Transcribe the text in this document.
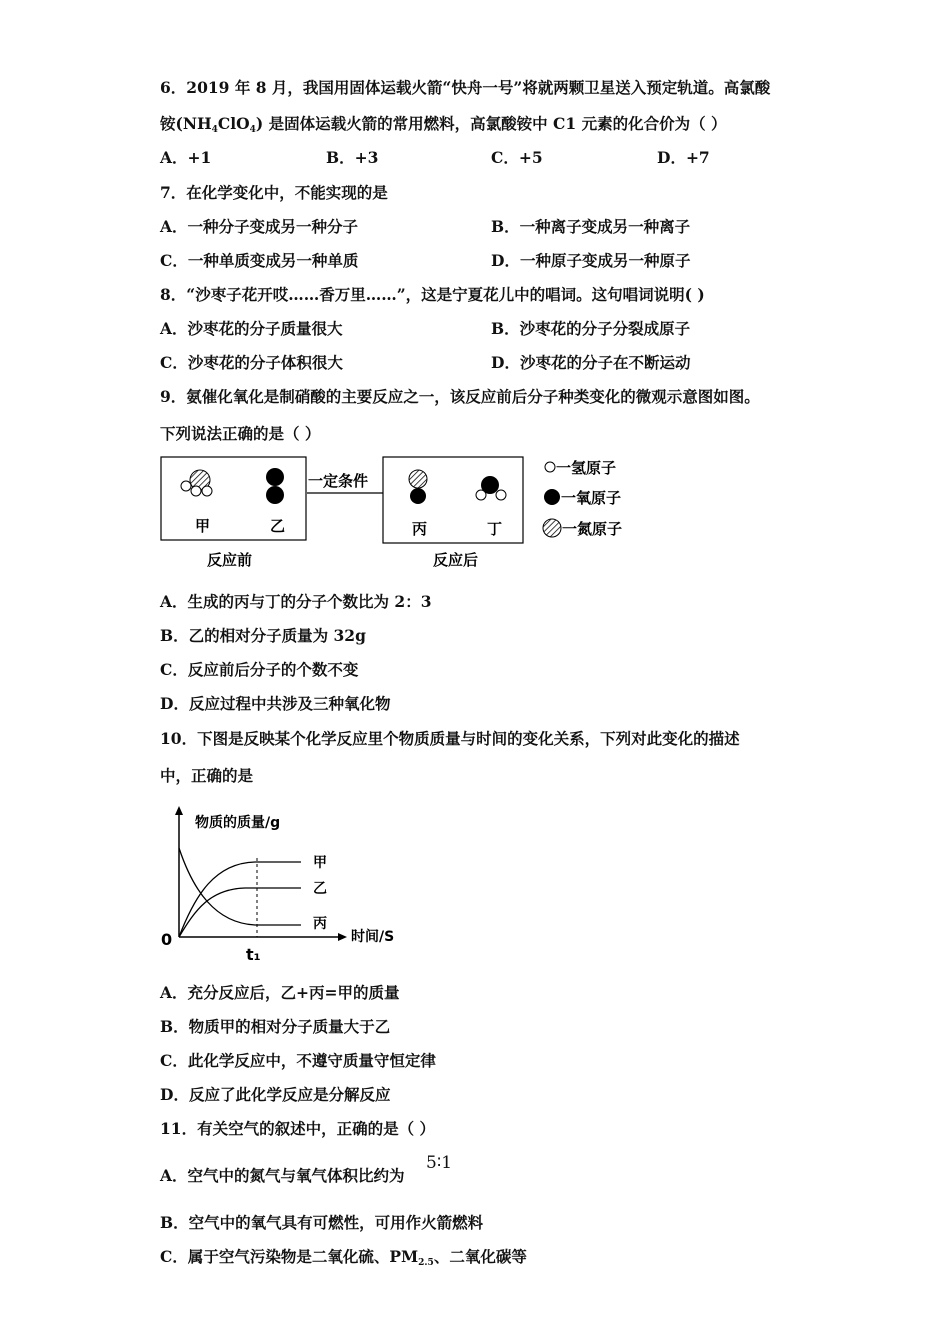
6．2019 年 8 月，我国用固体运载火箭“快舟一号”将就两颗卫星送入预定轨道。高氯酸
铵$(NH_4ClO_4)$ 是固体运载火箭的常用燃料，高氯酸铵中 C1 元素的化合价为（ ）
A．+1	B．+3	C．+5	D．+7
7．在化学变化中，不能实现的是
A．一种分子变成另一种分子	B．一种离子变成另一种离子
C．一种单质变成另一种单质	D．一种原子变成另一种原子
8．“沙枣子花开哎……香万里……”，这是宁夏花儿中的唱词。这句唱词说明( )
A．沙枣花的分子质量很大	B．沙枣花的分子分裂成原子
C．沙枣花的分子体积很大	D．沙枣花的分子在不断运动
9．氨催化氧化是制硝酸的主要反应之一，该反应前后分子种类变化的微观示意图如图。
下列说法正确的是（ ）
甲	乙
反应前
一定条件
丙	丁
反应后
一氢原子
一氧原子
一氮原子
A．生成的丙与丁的分子个数比为 2：3
B．乙的相对分子质量为 32g
C．反应前后分子的个数不变
D．反应过程中共涉及三种氧化物
10．下图是反映某个化学反应里个物质质量与时间的变化关系，下列对此变化的描述
中，正确的是
物质的质量/g
时间/S
0
t₁
甲
乙
丙
A．充分反应后，乙+丙=甲的质量
B．物质甲的相对分子质量大于乙
C．此化学反应中，不遵守质量守恒定律
D．反应了此化学反应是分解反应
11．有关空气的叙述中，正确的是（ ）
A．空气中的氮气与氧气体积比约为
5∶1
B．空气中的氧气具有可燃性，可用作火箭燃料
C．属于空气污染物是二氧化硫、$PM_{2.5}$、二氧化碳等
